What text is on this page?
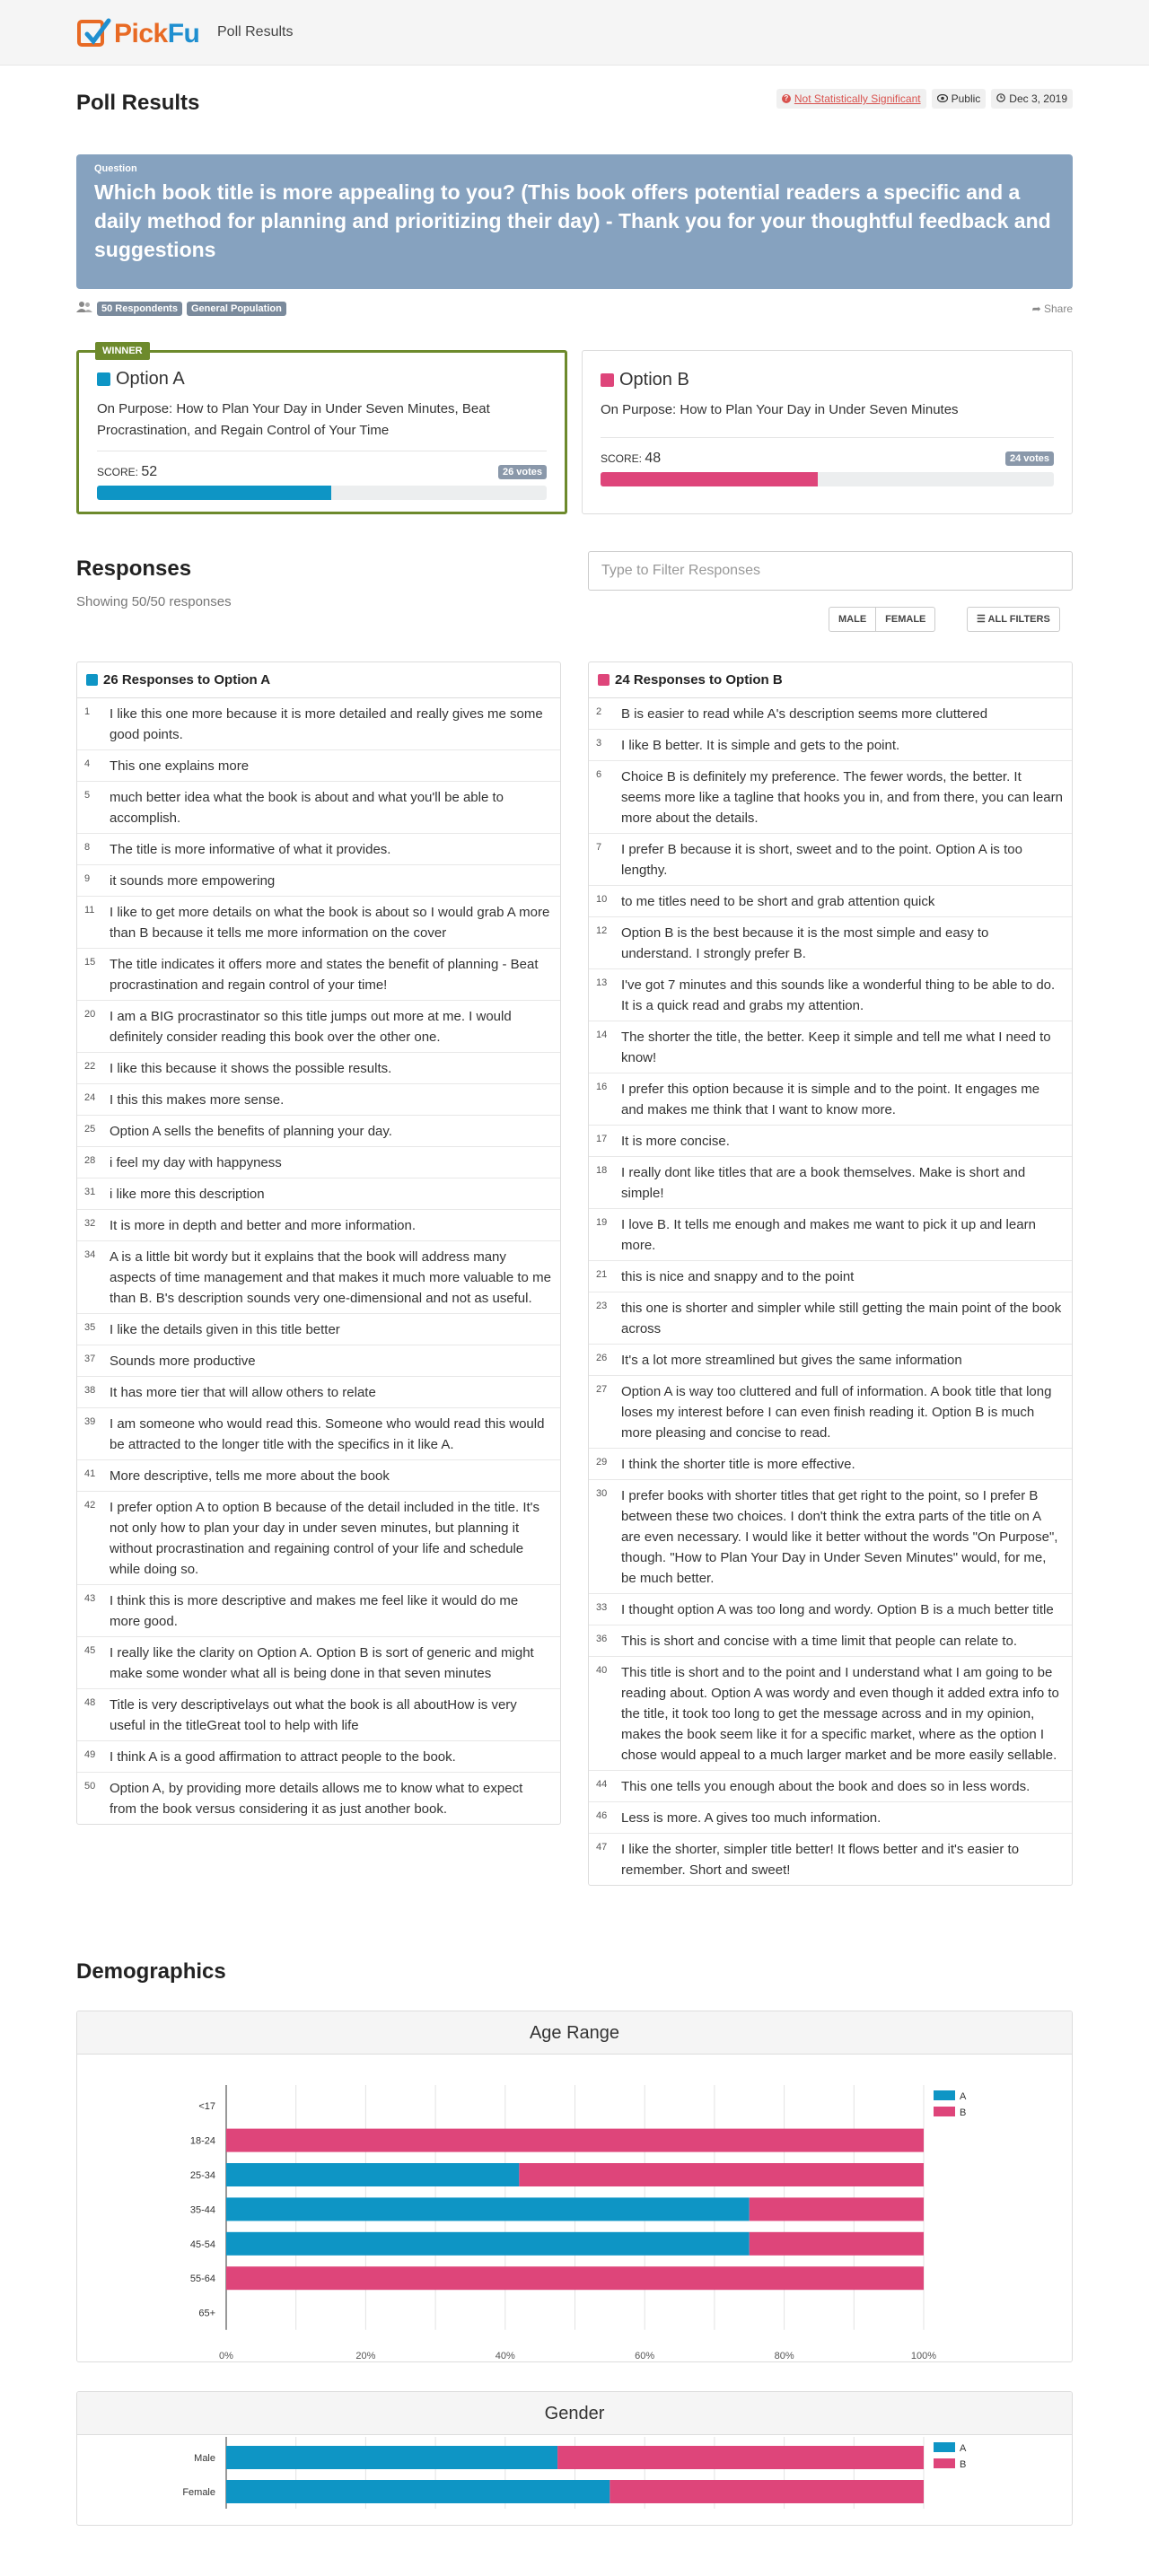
PickFu Poll Results
Poll Results	? Not Statistically Significant	Public	Dec 3, 2019
Question
Which book title is more appealing to you? (This book offers potential readers a specific and a daily method for planning and prioritizing their day) - Thank you for your thoughtful feedback and suggestions
50 Respondents	General Population	➦ Share
WINNER
Option A
On Purpose: How to Plan Your Day in Under Seven Minutes, Beat Procrastination, and Regain Control of Your Time
SCORE: 52	26 votes
Option B
On Purpose: How to Plan Your Day in Under Seven Minutes
SCORE: 48	24 votes
Responses
Showing 50/50 responses
Type to Filter Responses
MALE	FEMALE	☰ ALL FILTERS
26 Responses to Option A
1	I like this one more because it is more detailed and really gives me some good points.
4	This one explains more
5	much better idea what the book is about and what you'll be able to accomplish.
8	The title is more informative of what it provides.
9	it sounds more empowering
11	I like to get more details on what the book is about so I would grab A more than B because it tells me more information on the cover
15 The title indicates it offers more and states the benefit of planning - Beat procrastination and regain control of your time!
20 I am a BIG procrastinator so this title jumps out more at me. I would definitely consider reading this book over the other one.
22 I like this because it shows the possible results.
24 I this this makes more sense.
25 Option A sells the benefits of planning your day.
28 i feel my day with happyness
31 i like more this description
32 It is more in depth and better and more information.
34 A is a little bit wordy but it explains that the book will address many aspects of time management and that makes it much more valuable to me than B. B's description sounds very one-dimensional and not as useful.
35 I like the details given in this title better
37 Sounds more productive
38 It has more tier that will allow others to relate
39 I am someone who would read this. Someone who would read this would be attracted to the longer title with the specifics in it like A.
41 More descriptive, tells me more about the book
42 I prefer option A to option B because of the detail included in the title. It's not only how to plan your day in under seven minutes, but planning it without procrastination and regaining control of your life and schedule while doing so.
43 I think this is more descriptive and makes me feel like it would do me more good.
45 I really like the clarity on Option A. Option B is sort of generic and might make some wonder what all is being done in that seven minutes
48 Title is very descriptivelays out what the book is all aboutHow is very useful in the titleGreat tool to help with life
49 I think A is a good affirmation to attract people to the book.
50 Option A, by providing more details allows me to know what to expect from the book versus considering it as just another book.
24 Responses to Option B
2	B is easier to read while A's description seems more cluttered
3	I like B better. It is simple and gets to the point.
6	Choice B is definitely my preference. The fewer words, the better. It seems more like a tagline that hooks you in, and from there, you can learn more about the details.
7	I prefer B because it is short, sweet and to the point. Option A is too lengthy.
10 to me titles need to be short and grab attention quick
12 Option B is the best because it is the most simple and easy to understand. I strongly prefer B.
13 I've got 7 minutes and this sounds like a wonderful thing to be able to do. It is a quick read and grabs my attention.
14 The shorter the title, the better. Keep it simple and tell me what I need to know!
16 I prefer this option because it is simple and to the point. It engages me and makes me think that I want to know more.
17 It is more concise.
18 I really dont like titles that are a book themselves. Make is short and simple!
19 I love B. It tells me enough and makes me want to pick it up and learn more.
21 this is nice and snappy and to the point
23 this one is shorter and simpler while still getting the main point of the book across
26 It's a lot more streamlined but gives the same information
27 Option A is way too cluttered and full of information. A book title that long loses my interest before I can even finish reading it. Option B is much more pleasing and concise to read.
29 I think the shorter title is more effective.
30 I prefer books with shorter titles that get right to the point, so I prefer B between these two choices. I don't think the extra parts of the title on A are even necessary. I would like it better without the words "On Purpose", though. "How to Plan Your Day in Under Seven Minutes" would, for me, be much better.
33 I thought option A was too long and wordy. Option B is a much better title
36 This is short and concise with a time limit that people can relate to.
40 This title is short and to the point and I understand what I am going to be reading about. Option A was wordy and even though it added extra info to the title, it took too long to get the message across and in my opinion, makes the book seem like it for a specific market, where as the option I chose would appeal to a much larger market and be more easily sellable.
44 This one tells you enough about the book and does so in less words.
46 Less is more. A gives too much information.
47 I like the shorter, simpler title better! It flows better and it's easier to remember. Short and sweet!
Demographics
Age Range
<17
18-24
25-34
35-44
45-54
55-64
65+
0%	20%	40%	60%	80%	100%
A
B
Gender
Male
Female
A
B
